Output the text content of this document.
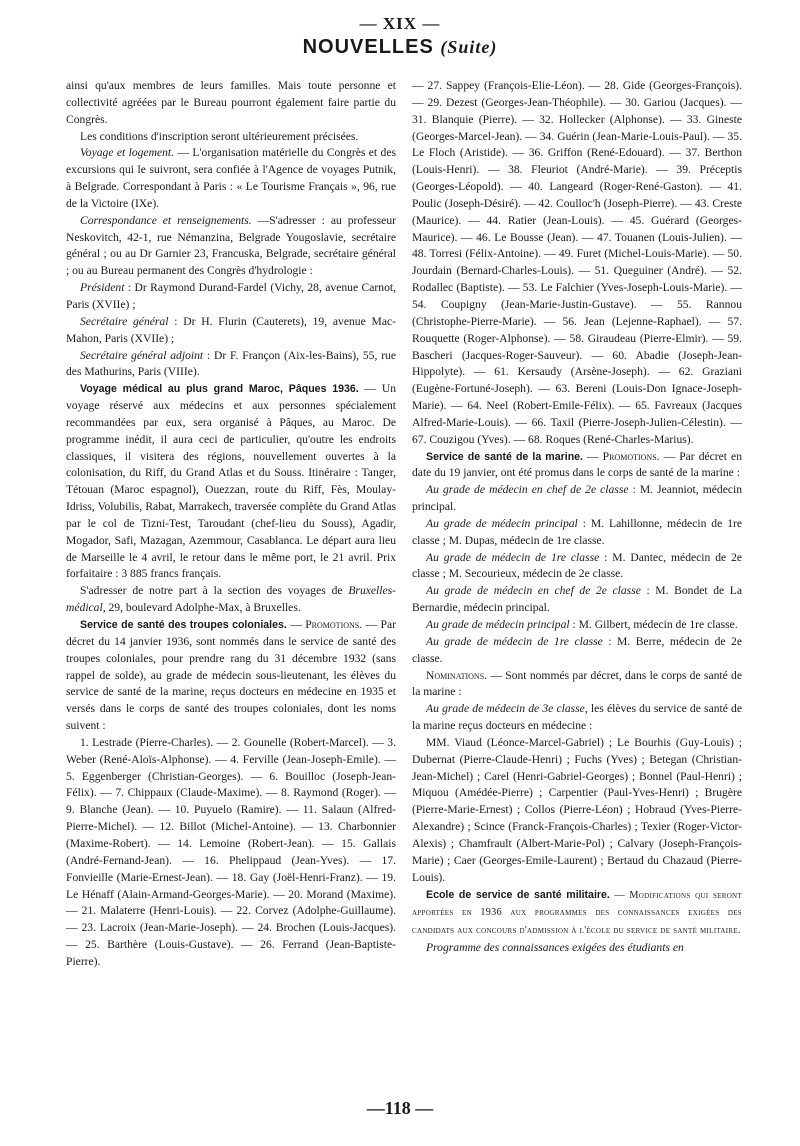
— XIX —
NOUVELLES (Suite)

ainsi qu'aux membres de leurs familles. Mais toute personne et collectivité agréées par le Bureau pourront également faire partie du Congrès.

Les conditions d'inscription seront ultérieurement précisées.

Voyage et logement. — L'organisation matérielle du Congrès et des excursions qui le suivront, sera confiée à l'Agence de voyages Putnik, à Belgrade. Correspondant à Paris : « Le Tourisme Français », 96, rue de la Victoire (IXe).

Correspondance et renseignements. —S'adresser : au professeur Neskovitch, 42-1, rue Némanzina, Belgrade Yougoslavie, secrétaire général ; ou au Dr Garnier 23, Francuska, Belgrade, secrétaire général ; ou au Bureau permanent des Congrès d'hydrologie :

Président : Dr Raymond Durand-Fardel (Vichy, 28, avenue Carnot, Paris (XVIIe) ;

Secrétaire général : Dr H. Flurin (Cauterets), 19, avenue Mac-Mahon, Paris (XVIIe) ;

Secrétaire général adjoint : Dr F. Françon (Aix-les-Bains), 55, rue des Mathurins, Paris (VIIIe).

Voyage médical au plus grand Maroc, Pâques 1936. — Un voyage réservé aux médecins et aux personnes spécialement recommandées par eux, sera organisé à Pâques, au Maroc. De programme inédit, il aura ceci de particulier, qu'outre les endroits classiques, il visitera des régions, nouvellement ouvertes à la colonisation, du Riff, du Grand Atlas et du Souss. Itinéraire : Tanger, Tétouan (Maroc espagnol), Ouezzan, route du Riff, Fès, Moulay-Idriss, Volubilis, Rabat, Marrakech, traversée complète du Grand Atlas par le col de Tizni-Test, Taroudant (chef-lieu du Souss), Agadir, Mogador, Safi, Mazagan, Azemmour, Casablanca. Le départ aura lieu de Marseille le 4 avril, le retour dans le même port, le 21 avril. Prix forfaitaire : 3 885 francs français.

S'adresser de notre part à la section des voyages de Bruxelles-médical, 29, boulevard Adolphe-Max, à Bruxelles.

Service de santé des troupes coloniales. — Promotions. — Par décret du 14 janvier 1936, sont nommés dans le service de santé des troupes coloniales, pour prendre rang du 31 décembre 1932 (sans rappel de solde), au grade de médecin sous-lieutenant, les élèves du service de santé de la marine, reçus docteurs en médecine en 1935 et versés dans le corps de santé des troupes coloniales, dont les noms suivent :

1. Lestrade (Pierre-Charles). — 2. Gounelle (Robert-Marcel). — 3. Weber (René-Aloïs-Alphonse). — 4. Ferville (Jean-Joseph-Emile). — 5. Eggenberger (Christian-Georges). — 6. Bouilloc (Joseph-Jean-Félix). — 7. Chippaux (Claude-Maxime). — 8. Raymond (Roger). — 9. Blanche (Jean). — 10. Puyuelo (Ramire). — 11. Salaun (Alfred-Pierre-Michel). — 12. Billot (Michel-Antoine). — 13. Charbonnier (Maxime-Robert). — 14. Lemoine (Robert-Jean). — 15. Gallais (André-Fernand-Jean). — 16. Phelippaud (Jean-Yves). — 17. Fonvieille (Marie-Ernest-Jean). — 18. Gay (Joël-Henri-Franz). — 19. Le Hénaff (Alain-Armand-Georges-Marie). — 20. Morand (Maxime). — 21. Malaterre (Henri-Louis). — 22. Corvez (Adolphe-Guillaume). — 23. Lacroix (Jean-Marie-Joseph). — 24. Brochen (Louis-Jacques). — 25. Barthère (Louis-Gustave). — 26. Ferrand (Jean-Baptiste-Pierre).

— 27. Sappey (François-Elie-Léon). — 28. Gide (Georges-François). — 29. Dezest (Georges-Jean-Théophile). — 30. Gariou (Jacques). — 31. Blanquie (Pierre). — 32. Hollecker (Alphonse). — 33. Gineste (Georges-Marcel-Jean). — 34. Guérin (Jean-Marie-Louis-Paul). — 35. Le Floch (Aristide). — 36. Griffon (René-Edouard). — 37. Berthon (Louis-Henri). — 38. Fleuriot (André-Marie). — 39. Préceptis (Georges-Léopold). — 40. Langeard (Roger-René-Gaston). — 41. Poulic (Joseph-Désiré). — 42. Coulloc'h (Joseph-Pierre). — 43. Creste (Maurice). — 44. Ratier (Jean-Louis). — 45. Guérard (Georges-Maurice). — 46. Le Bousse (Jean). — 47. Touanen (Louis-Julien). — 48. Torresi (Félix-Antoine). — 49. Furet (Michel-Louis-Marie). — 50. Jourdain (Bernard-Charles-Louis). — 51. Queguiner (André). — 52. Rodallec (Baptiste). — 53. Le Falchier (Yves-Joseph-Louis-Marie). — 54. Coupigny (Jean-Marie-Justin-Gustave). — 55. Rannou (Christophe-Pierre-Marie). — 56. Jean (Lejenne-Raphael). — 57. Rouquette (Roger-Alphonse). — 58. Giraudeau (Pierre-Elmir). — 59. Bascheri (Jacques-Roger-Sauveur). — 60. Abadie (Joseph-Jean-Hippolyte). — 61. Kersaudy (Arsène-Joseph). — 62. Graziani (Eugène-Fortuné-Joseph). — 63. Bereni (Louis-Don Ignace-Joseph-Marie). — 64. Neel (Robert-Emile-Félix). — 65. Favreaux (Jacques Alfred-Marie-Louis). — 66. Taxil (Pierre-Joseph-Julien-Célestin). — 67. Couzigou (Yves). — 68. Roques (René-Charles-Marius).

Service de santé de la marine. — Promotions. — Par décret en date du 19 janvier, ont été promus dans le corps de santé de la marine :

Au grade de médecin en chef de 2e classe : M. Jeanniot, médecin principal.

Au grade de médecin principal : M. Lahillonne, médecin de 1re classe ; M. Dupas, médecin de 1re classe.

Au grade de médecin de 1re classe : M. Dantec, médecin de 2e classe ; M. Secourieux, médecin de 2e classe.

Au grade de médecin en chef de 2e classe : M. Bondet de La Bernardie, médecin principal.

Au grade de médecin principal : M. Gilbert, médecin de 1re classe.

Au grade de médecin de 1re classe : M. Berre, médecin de 2e classe.

Nominations. — Sont nommés par décret, dans le corps de santé de la marine :

Au grade de médecin de 3e classe, les élèves du service de santé de la marine reçus docteurs en médecine :

MM. Viaud (Léonce-Marcel-Gabriel) ; Le Bourhis (Guy-Louis) ; Dubernat (Pierre-Claude-Henri) ; Fuchs (Yves) ; Betegan (Christian-Jean-Michel) ; Carel (Henri-Gabriel-Georges) ; Bonnel (Paul-Henri) ; Miquou (Amédée-Pierre) ; Carpentier (Paul-Yves-Henri) ; Brugère (Pierre-Marie-Ernest) ; Collos (Pierre-Léon) ; Hobraud (Yves-Pierre-Alexandre) ; Scince (Franck-François-Charles) ; Texier (Roger-Victor-Alexis) ; Chamfrault (Albert-Marie-Pol) ; Calvary (Joseph-François-Marie) ; Caer (Georges-Emile-Laurent) ; Bertaud du Chazaud (Pierre-Louis).

Ecole de service de santé militaire. — Modifications qui seront apportées en 1936 aux programmes des connaissances exigées des candidats aux concours d'admission à l'école du service de santé militaire.

Programme des connaissances exigées des étudiants en

—118 —
